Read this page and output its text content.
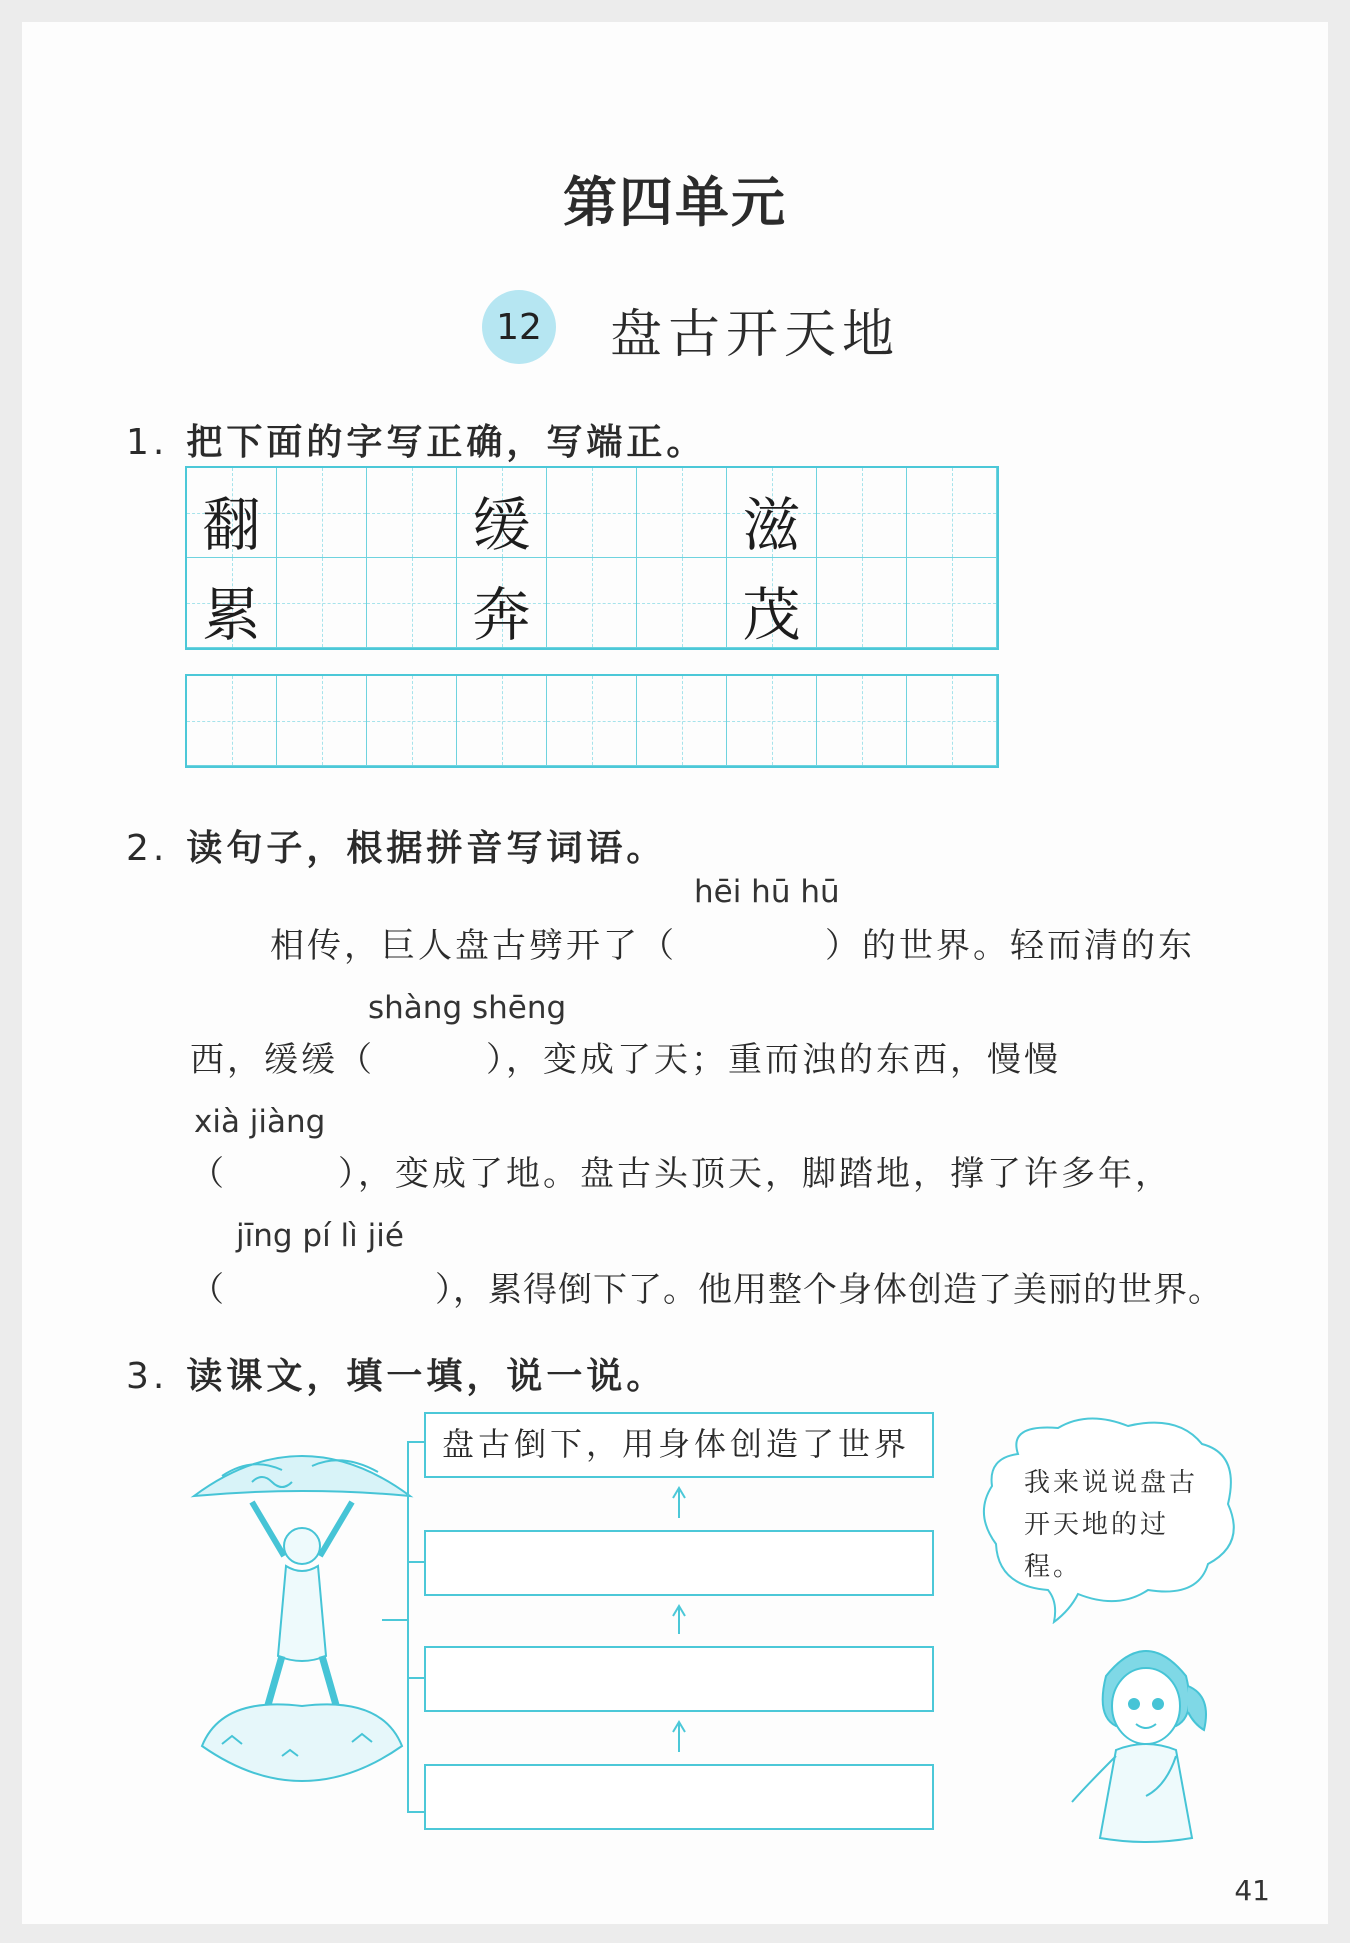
第四单元
12 盘古开天地
1. 把下面的字写正确，写端正。
翻	缓	滋
累	奔	茂
2. 读句子，根据拼音写词语。
hēi hū hū
相传，巨人盘古劈开了（　　　　）的世界。轻而清的东
shàng shēng
西，缓缓（　　　），变成了天；重而浊的东西，慢慢
xià jiàng
（　　　），变成了地。盘古头顶天，脚踏地，撑了许多年，
jīng pí lì jié
（　　　　　　），累得倒下了。他用整个身体创造了美丽的世界。
3. 读课文，填一填，说一说。
盘古倒下，用身体创造了世界
我来说说盘古开天地的过程。
41
